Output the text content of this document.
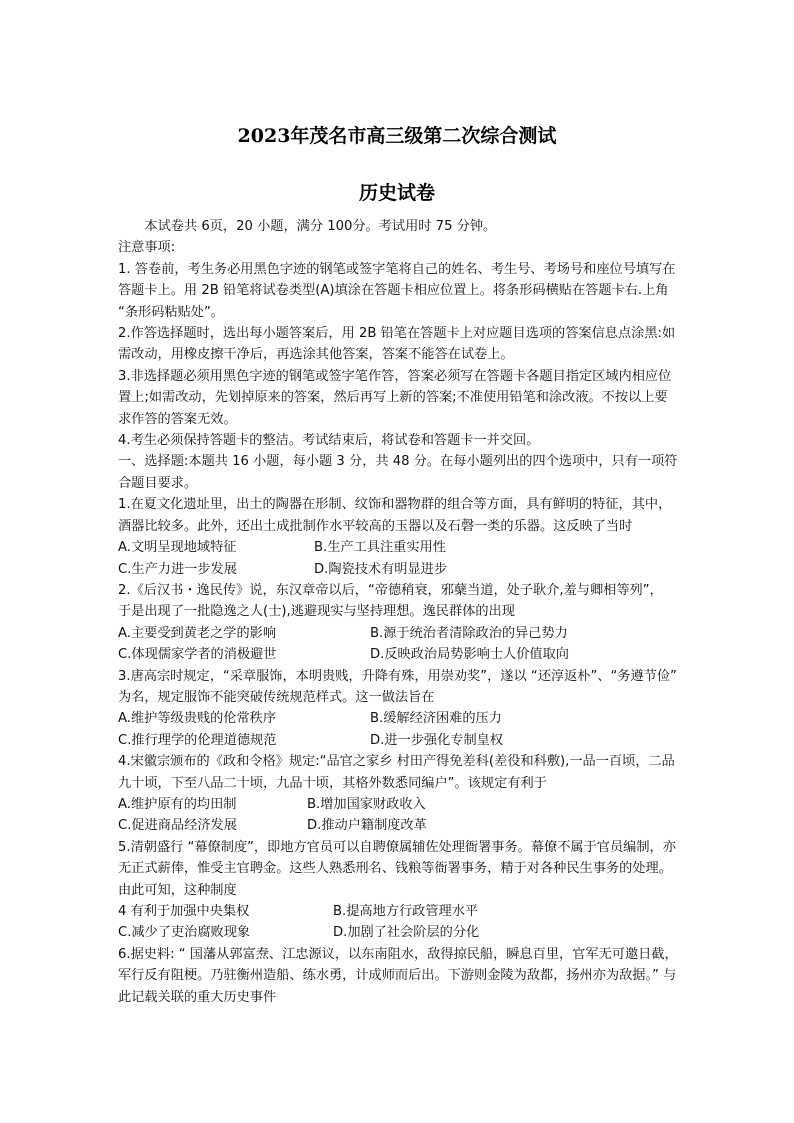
2023年茂名市高三级第二次综合测试
历史试卷

本试卷共 6页，20 小题，满分 100分。考试用时 75 分钟。

注意事项:

1. 答卷前，考生务必用黑色字迹的钢笔或签字笔将自己的姓名、考生号、考场号和座位号填写在答题卡上。用 2B 铅笔将试卷类型(A)填涂在答题卡相应位置上。将条形码横贴在答题卡右.上角 “条形码粘贴处”。

2.作答选择题时，选出每小题答案后，用 2B 铅笔在答题卡上对应题目选项的答案信息点涂黑:如需改动，用橡皮擦干净后，再选涂其他答案，答案不能答在试卷上。

3.非选择题必须用黑色字迹的钢笔或签字笔作答，答案必须写在答题卡各题目指定区域内相应位置上;如需改动，先划掉原来的答案，然后再写上新的答案;不准使用铅笔和涂改液。不按以上要求作答的答案无效。

4.考生必须保持答题卡的整洁。考试结束后，将试卷和答题卡一并交回。

一、选择题:本题共 16 小题，每小题 3 分，共 48 分。在每小题列出的四个选项中，只有一项符合题目要求。

1.在夏文化遗址里，出土的陶器在形制、纹饰和器物群的组合等方面，具有鲜明的特征，其中，酒器比较多。此外，还出土成批制作水平较高的玉器以及石磬一类的乐器。这反映了当时

A.文明呈现地域特征	B.生产工具注重实用性
C.生产力进一步发展	D.陶瓷技术有明显进步

2.《后汉书・逸民传》说，东汉章帝以后，“帝德稍衰，邪蘖当道，处子耿介,羞与卿相等列”，

于是出现了一批隐逸之人(士),逃避现实与坚持理想。逸民群体的出现

A.主要受到黄老之学的影响	B.源于统治者清除政治的异己势力
C.体现儒家学者的消极避世	D.反映政治局势影响士人价值取向

3.唐高宗时规定，“采章服饰，本明贵贱，升降有殊，用崇劝奖”，遂以 “还淳返朴”、“务遵节俭” 为名，规定服饰不能突破传统规范样式。这一做法旨在

A.维护等级贵贱的伦常秩序	B.缓解经济困难的压力
C.推行理学的伦理道德规范	D.进一步强化专制皇权

4.宋徽宗颁布的《政和令格》规定:“品官之家乡 村田产得免差科(差役和科敷),一品一百顷，二品九十顷，下至八品二十顷，九品十顷，其格外数悉同编户”。该规定有利于

A.维护原有的均田制	B.增加国家财政收入
C.促进商品经济发展	D.推动户籍制度改革

5.清朝盛行 “幕僚制度”，即地方官员可以自聘僚属辅佐处理衙署事务。幕僚不属于官员编制，亦无正式薪俸，惟受主官聘金。这些人熟悉刑名、钱粮等衙署事务，精于对各种民生事务的处理。由此可知，这种制度

4 有利于加强中央集权	B.提高地方行政管理水平
C.减少了吏治腐败现象	D.加剧了社会阶层的分化

6.据史料: “ 国藩从郭富焘、江忠源议，以东南阻水，敌得掠民船，瞬息百里，官军无可邀日截，军行反有阻梗。乃驻衡州造船、练水勇，计成师而后出。下游则金陵为敌都，扬州亦为敌据。” 与此记载关联的重大历史事件
